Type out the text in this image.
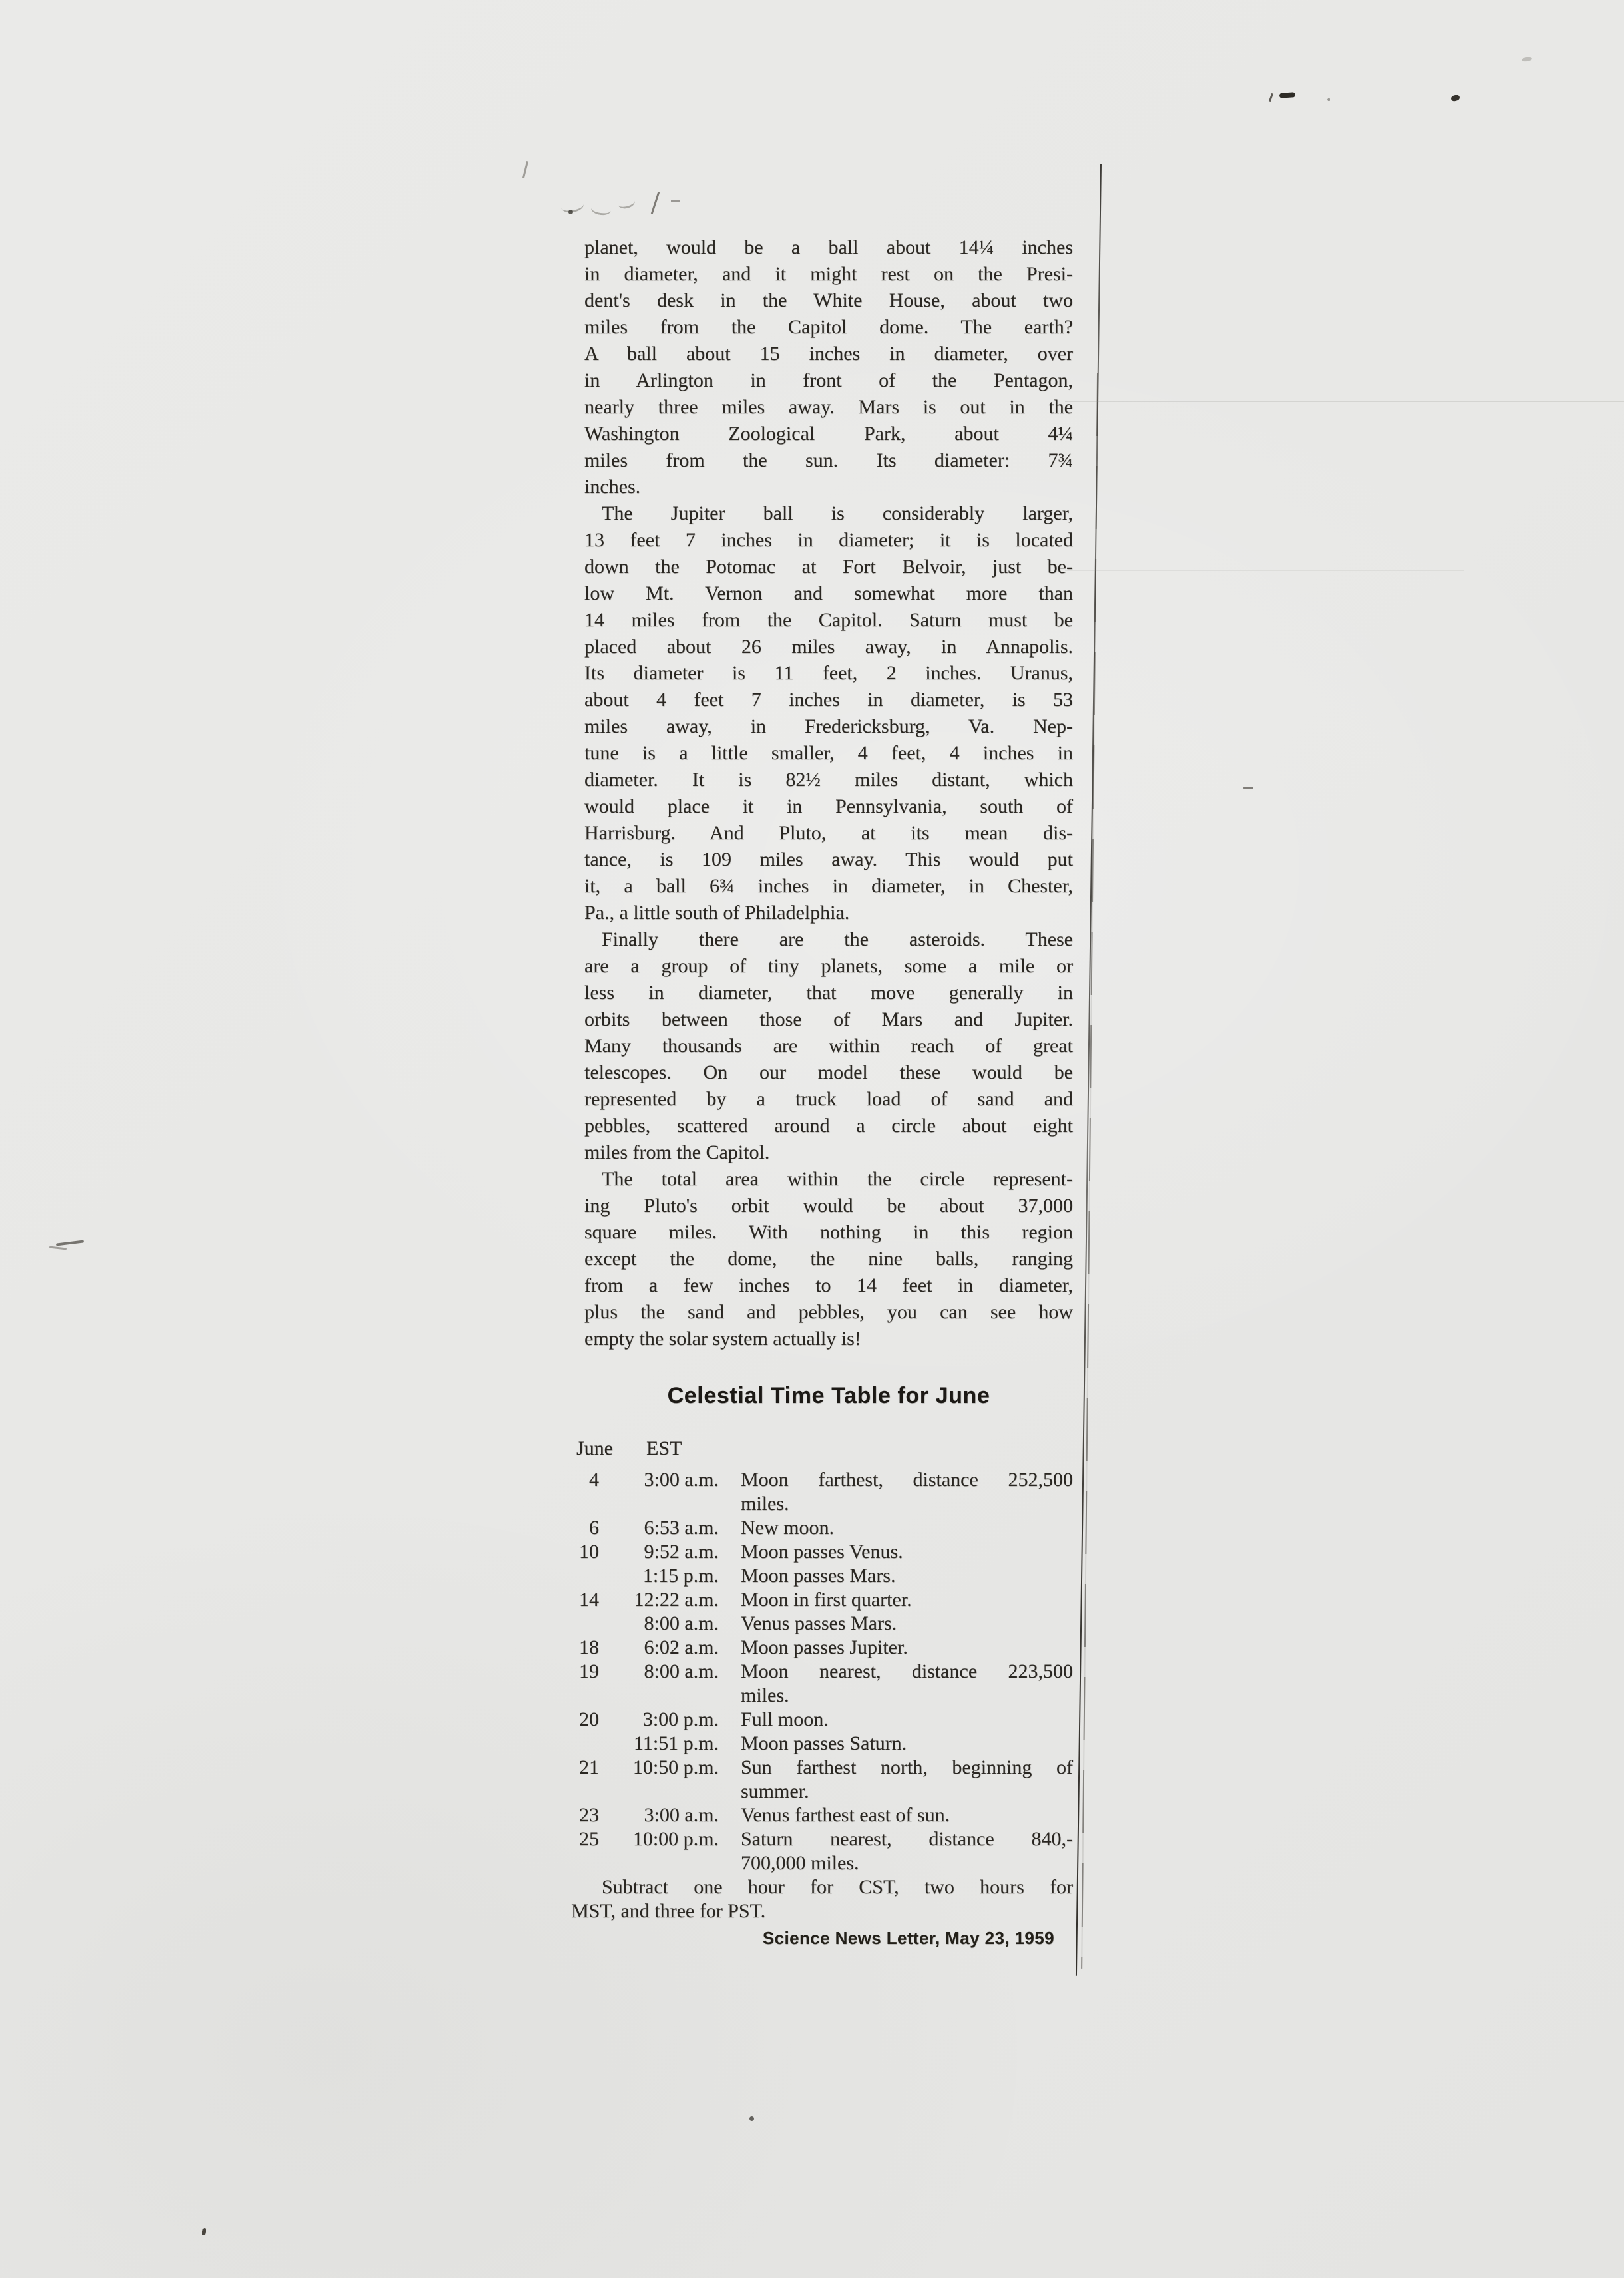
planet, would be a ball about 14¼ inches
in diameter, and it might rest on the Presi-
dent's desk in the White House, about two
miles from the Capitol dome. The earth?
A ball about 15 inches in diameter, over
in Arlington in front of the Pentagon,
nearly three miles away. Mars is out in the
Washington Zoological Park, about 4¼
miles from the sun. Its diameter: 7¾
inches.
The Jupiter ball is considerably larger,
13 feet 7 inches in diameter; it is located
down the Potomac at Fort Belvoir, just be-
low Mt. Vernon and somewhat more than
14 miles from the Capitol. Saturn must be
placed about 26 miles away, in Annapolis.
Its diameter is 11 feet, 2 inches. Uranus,
about 4 feet 7 inches in diameter, is 53
miles away, in Fredericksburg, Va. Nep-
tune is a little smaller, 4 feet, 4 inches in
diameter. It is 82½ miles distant, which
would place it in Pennsylvania, south of
Harrisburg. And Pluto, at its mean dis-
tance, is 109 miles away. This would put
it, a ball 6¾ inches in diameter, in Chester,
Pa., a little south of Philadelphia.
Finally there are the asteroids. These
are a group of tiny planets, some a mile or
less in diameter, that move generally in
orbits between those of Mars and Jupiter.
Many thousands are within reach of great
telescopes. On our model these would be
represented by a truck load of sand and
pebbles, scattered around a circle about eight
miles from the Capitol.
The total area within the circle represent-
ing Pluto's orbit would be about 37,000
square miles. With nothing in this region
except the dome, the nine balls, ranging
from a few inches to 14 feet in diameter,
plus the sand and pebbles, you can see how
empty the solar system actually is!
Celestial Time Table for June
June EST
4	3:00 a.m. Moon farthest, distance 252,500
miles.
6	6:53 a.m. New moon.
10	9:52 a.m. Moon passes Venus.
1:15 p.m. Moon passes Mars.
14	12:22 a.m. Moon in first quarter.
8:00 a.m. Venus passes Mars.
18	6:02 a.m. Moon passes Jupiter.
19	8:00 a.m. Moon nearest, distance 223,500
miles.
20	3:00 p.m. Full moon.
11:51 p.m. Moon passes Saturn.
21	10:50 p.m. Sun farthest north, beginning of
summer.
23	3:00 a.m. Venus farthest east of sun.
25	10:00 p.m. Saturn nearest, distance 840,-
700,000 miles.
Subtract one hour for CST, two hours for
MST, and three for PST.
Science News Letter, May 23, 1959
